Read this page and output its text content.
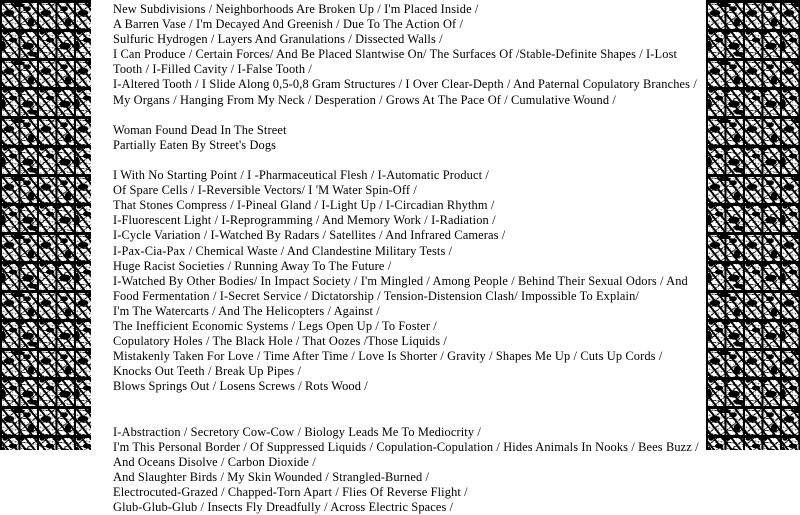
New Subdivisions / Neighborhoods Are Broken Up / I'm Placed Inside /
A Barren Vase / I'm Decayed And Greenish / Due To The Action Of /
Sulfuric Hydrogen / Layers And Granulations / Dissected Walls /
I Can Produce / Certain Forces/ And Be Placed Slantwise On/ The Surfaces Of /Stable-Definite Shapes / I-Lost
Tooth / I-Filled Cavity / I-False Tooth /
I-Altered Tooth / I Slide Along 0,5-0,8 Gram Structures / I Over Clear-Depth / And Paternal Copulatory Branches /
My Organs / Hanging From My Neck / Desperation / Grows At The Pace Of / Cumulative Wound /
Woman Found Dead In The Street
Partially Eaten By Street's Dogs
I With No Starting Point / I -Pharmaceutical Flesh / I-Automatic Product /
Of Spare Cells / I-Reversible Vectors/ I 'M Water Spin-Off /
That Stones Compress / I-Pineal Gland / I-Light Up / I-Circadian Rhythm /
I-Fluorescent Light / I-Reprogramming / And Memory Work / I-Radiation /
I-Cycle Variation / I-Watched By Radars / Satellites / And Infrared Cameras /
I-Pax-Cia-Pax / Chemical Waste / And Clandestine Military Tests /
Huge Racist Societies / Running Away To The Future /
I-Watched By Other Bodies/ In Impact Society / I'm Mingled / Among People / Behind Their Sexual Odors / And
Food Fermentation / I-Secret Service / Dictatorship / Tension-Distension Clash/ Impossible To Explain/
I'm The Watercarts / And The Helicopters / Against /
The Inefficient Economic Systems / Legs Open Up / To Foster /
Copulatory Holes / The Black Hole / That Oozes /Those Liquids /
Mistakenly Taken For Love / Time After Time / Love Is Shorter / Gravity / Shapes Me Up / Cuts Up Cords /
Knocks Out Teeth / Break Up Pipes /
Blows Springs Out / Losens Screws / Rots Wood /
I-Abstraction / Secretory Cow-Cow / Biology Leads Me To Mediocrity /
I'm This Personal Border / Of Suppressed Liquids / Copulation-Copulation / Hides Animals In Nooks / Bees Buzz /
And Oceans Disolve / Carbon Dioxide /
And Slaughter Birds / My Skin Wounded / Strangled-Burned /
Electrocuted-Grazed / Chapped-Torn Apart / Flies Of Reverse Flight /
Glub-Glub-Glub / Insects Fly Dreadfully / Across Electric Spaces /
